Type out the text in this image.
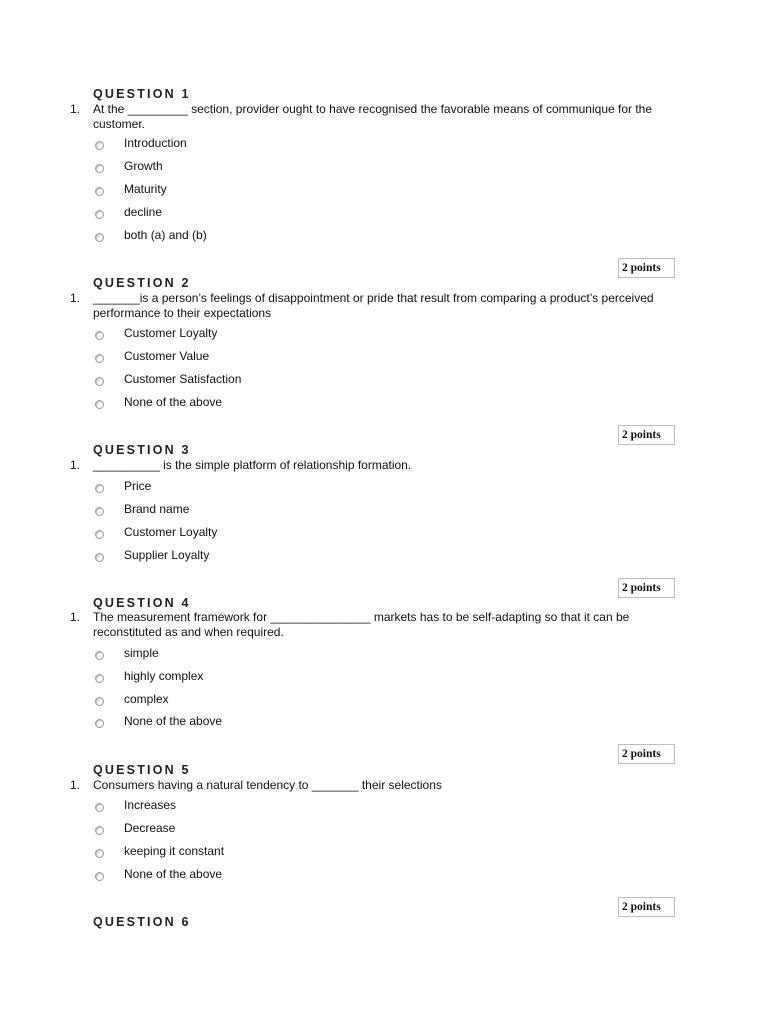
QUESTION 1
1. At the _________ section, provider ought to have recognised the favorable means of communique for the customer.
Introduction
Growth
Maturity
decline
both (a) and (b)
2 points
QUESTION 2
1. _______is a person’s feelings of disappointment or pride that result from comparing a product’s perceived performance to their expectations
Customer Loyalty
Customer Value
Customer Satisfaction
None of the above
2 points
QUESTION 3
1. __________ is the simple platform of relationship formation.
Price
Brand name
Customer Loyalty
Supplier Loyalty
2 points
QUESTION 4
1. The measurement framework for _______________ markets has to be self-adapting so that it can be reconstituted as and when required.
simple
highly complex
complex
None of the above
2 points
QUESTION 5
1. Consumers having a natural tendency to _______ their selections
Increases
Decrease
keeping it constant
None of the above
2 points
QUESTION 6
